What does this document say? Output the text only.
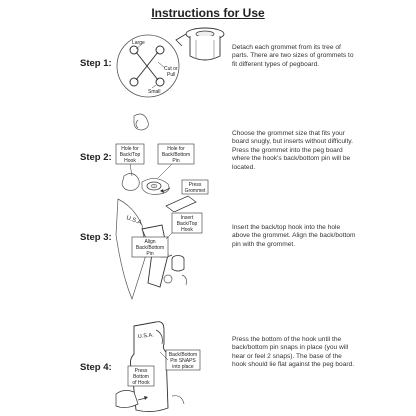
Instructions for Use
Step 1:
Large
Cut or
Pull
Small
Detach each grommet from its tree of parts. There are two sizes of grommets to fit different types of pegboard.
Step 2:
Hole for Back/Top Hook
Hole for Back/Bottom Pin
Press Grommet
Choose the grommet size that fits your board snugly, but inserts without difficulty. Press the grommet into the peg board where the hook's back/bottom pin will be located.
Step 3:
U.S.A.	Insert Back/Top Hook
Align Back/Bottom Pin
Insert the back/top hook into the hole above the grommet. Align the back/bottom pin with the grommet.
Step 4:
U.S.A.
Back/Bottom Pin SNAPS into place
Press Bottom of Hook
Press the bottom of the hook until the back/bottom pin snaps in place (you will hear or feel 2 snaps). The base of the hook should lie flat against the peg board.
